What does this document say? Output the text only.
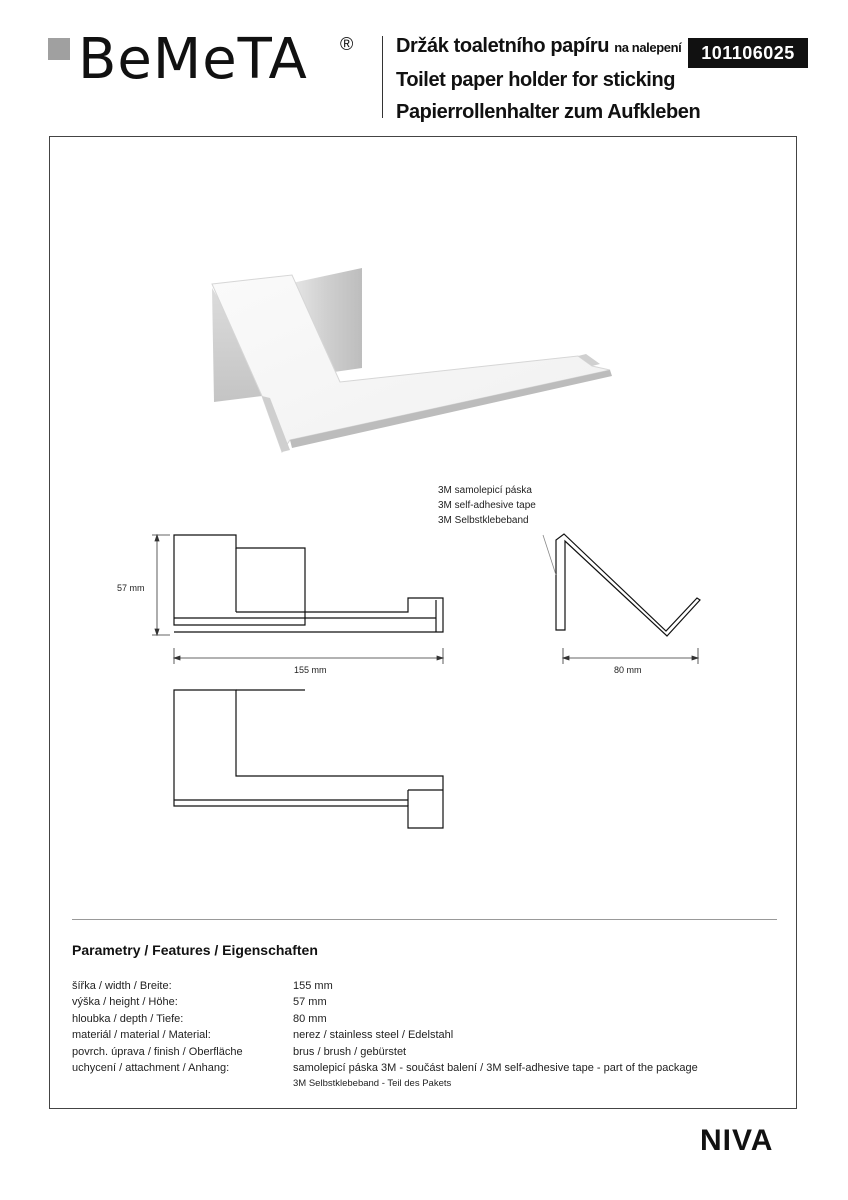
BeMeTA ® Držák toaletního papíru na nalepení
Toilet paper holder for sticking
Papierrollenhalter zum Aufkleben
101106025
57 mm
155 mm	80 mm
3M samolepicí páska
3M self-adhesive tape
3M Selbstklebeband
Parametry / Features / Eigenschaften
šířka / width / Breite:	155 mm
výška / height / Höhe:	57 mm
hloubka / depth / Tiefe:	80 mm
materiál / material / Material:	nerez / stainless steel / Edelstahl
povrch. úprava / finish / Oberfläche	brus / brush / gebürstet
uchycení / attachment / Anhang:	samolepicí páska 3M - součást balení / 3M self-adhesive tape - part of the package
3M Selbstklebeband - Teil des Pakets
NIVA
